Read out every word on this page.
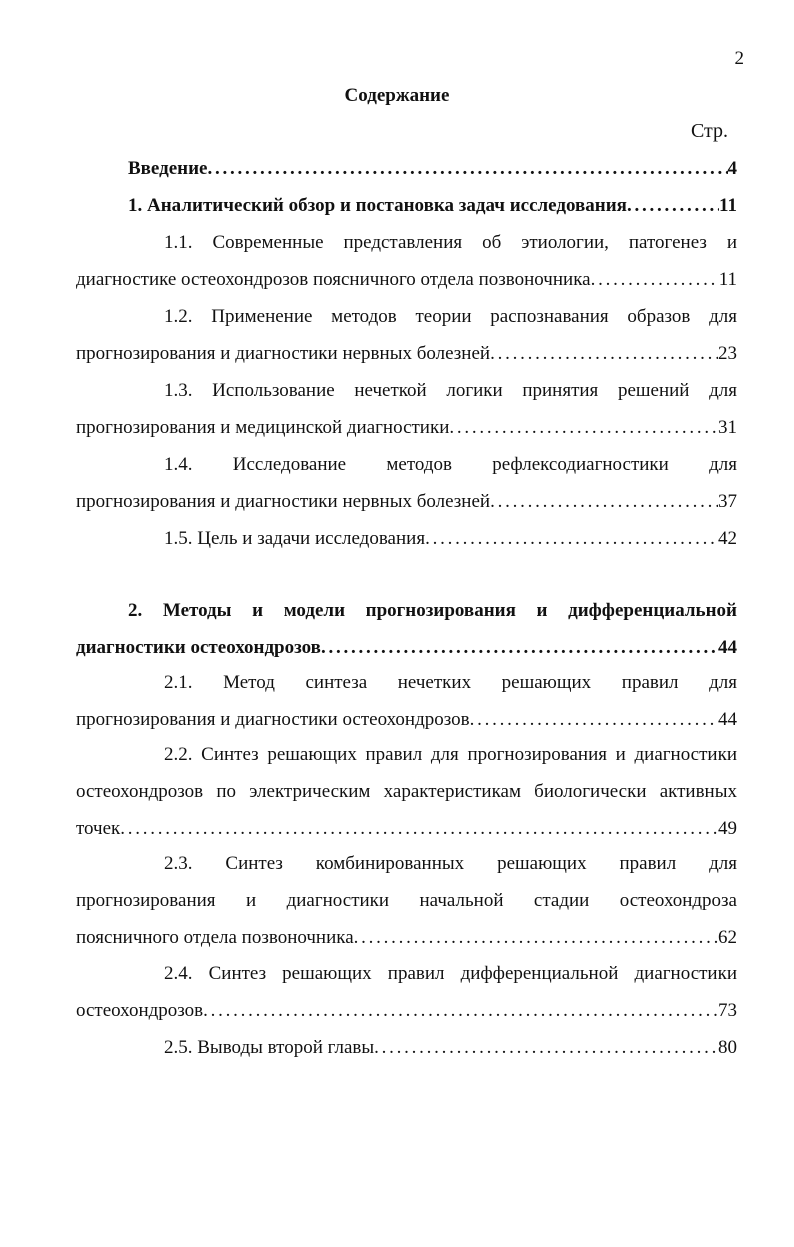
2
Содержание
Стр.
Введение . . .	4
1. Аналитический обзор и постановка задач исследования . . .	11
1.1. Современные представления об этиологии, патогенез и
диагностике остеохондрозов поясничного отдела позвоночника . . .	11
1.2. Применение методов теории распознавания образов для
прогнозирования и диагностики нервных болезней . . .	23
1.3. Использование нечеткой логики принятия решений для
прогнозирования и медицинской диагностики . . .	31
1.4. Исследование методов рефлексодиагностики для
прогнозирования и диагностики нервных болезней . . .	37
1.5. Цель и задачи исследования . . .	42
2. Методы и модели прогнозирования и дифференциальной
диагностики остеохондрозов . . .	44
2.1. Метод синтеза нечетких решающих правил для
прогнозирования и диагностики остеохондрозов . . .	44
2.2. Синтез решающих правил для прогнозирования и диагностики
остеохондрозов по электрическим характеристикам биологически активных
точек . . .	49
2.3. Синтез комбинированных решающих правил для
прогнозирования и диагностики начальной стадии остеохондроза
поясничного отдела позвоночника . . .	62
2.4. Синтез решающих правил дифференциальной диагностики
остеохондрозов . . .	73
2.5. Выводы второй главы . . .	80
